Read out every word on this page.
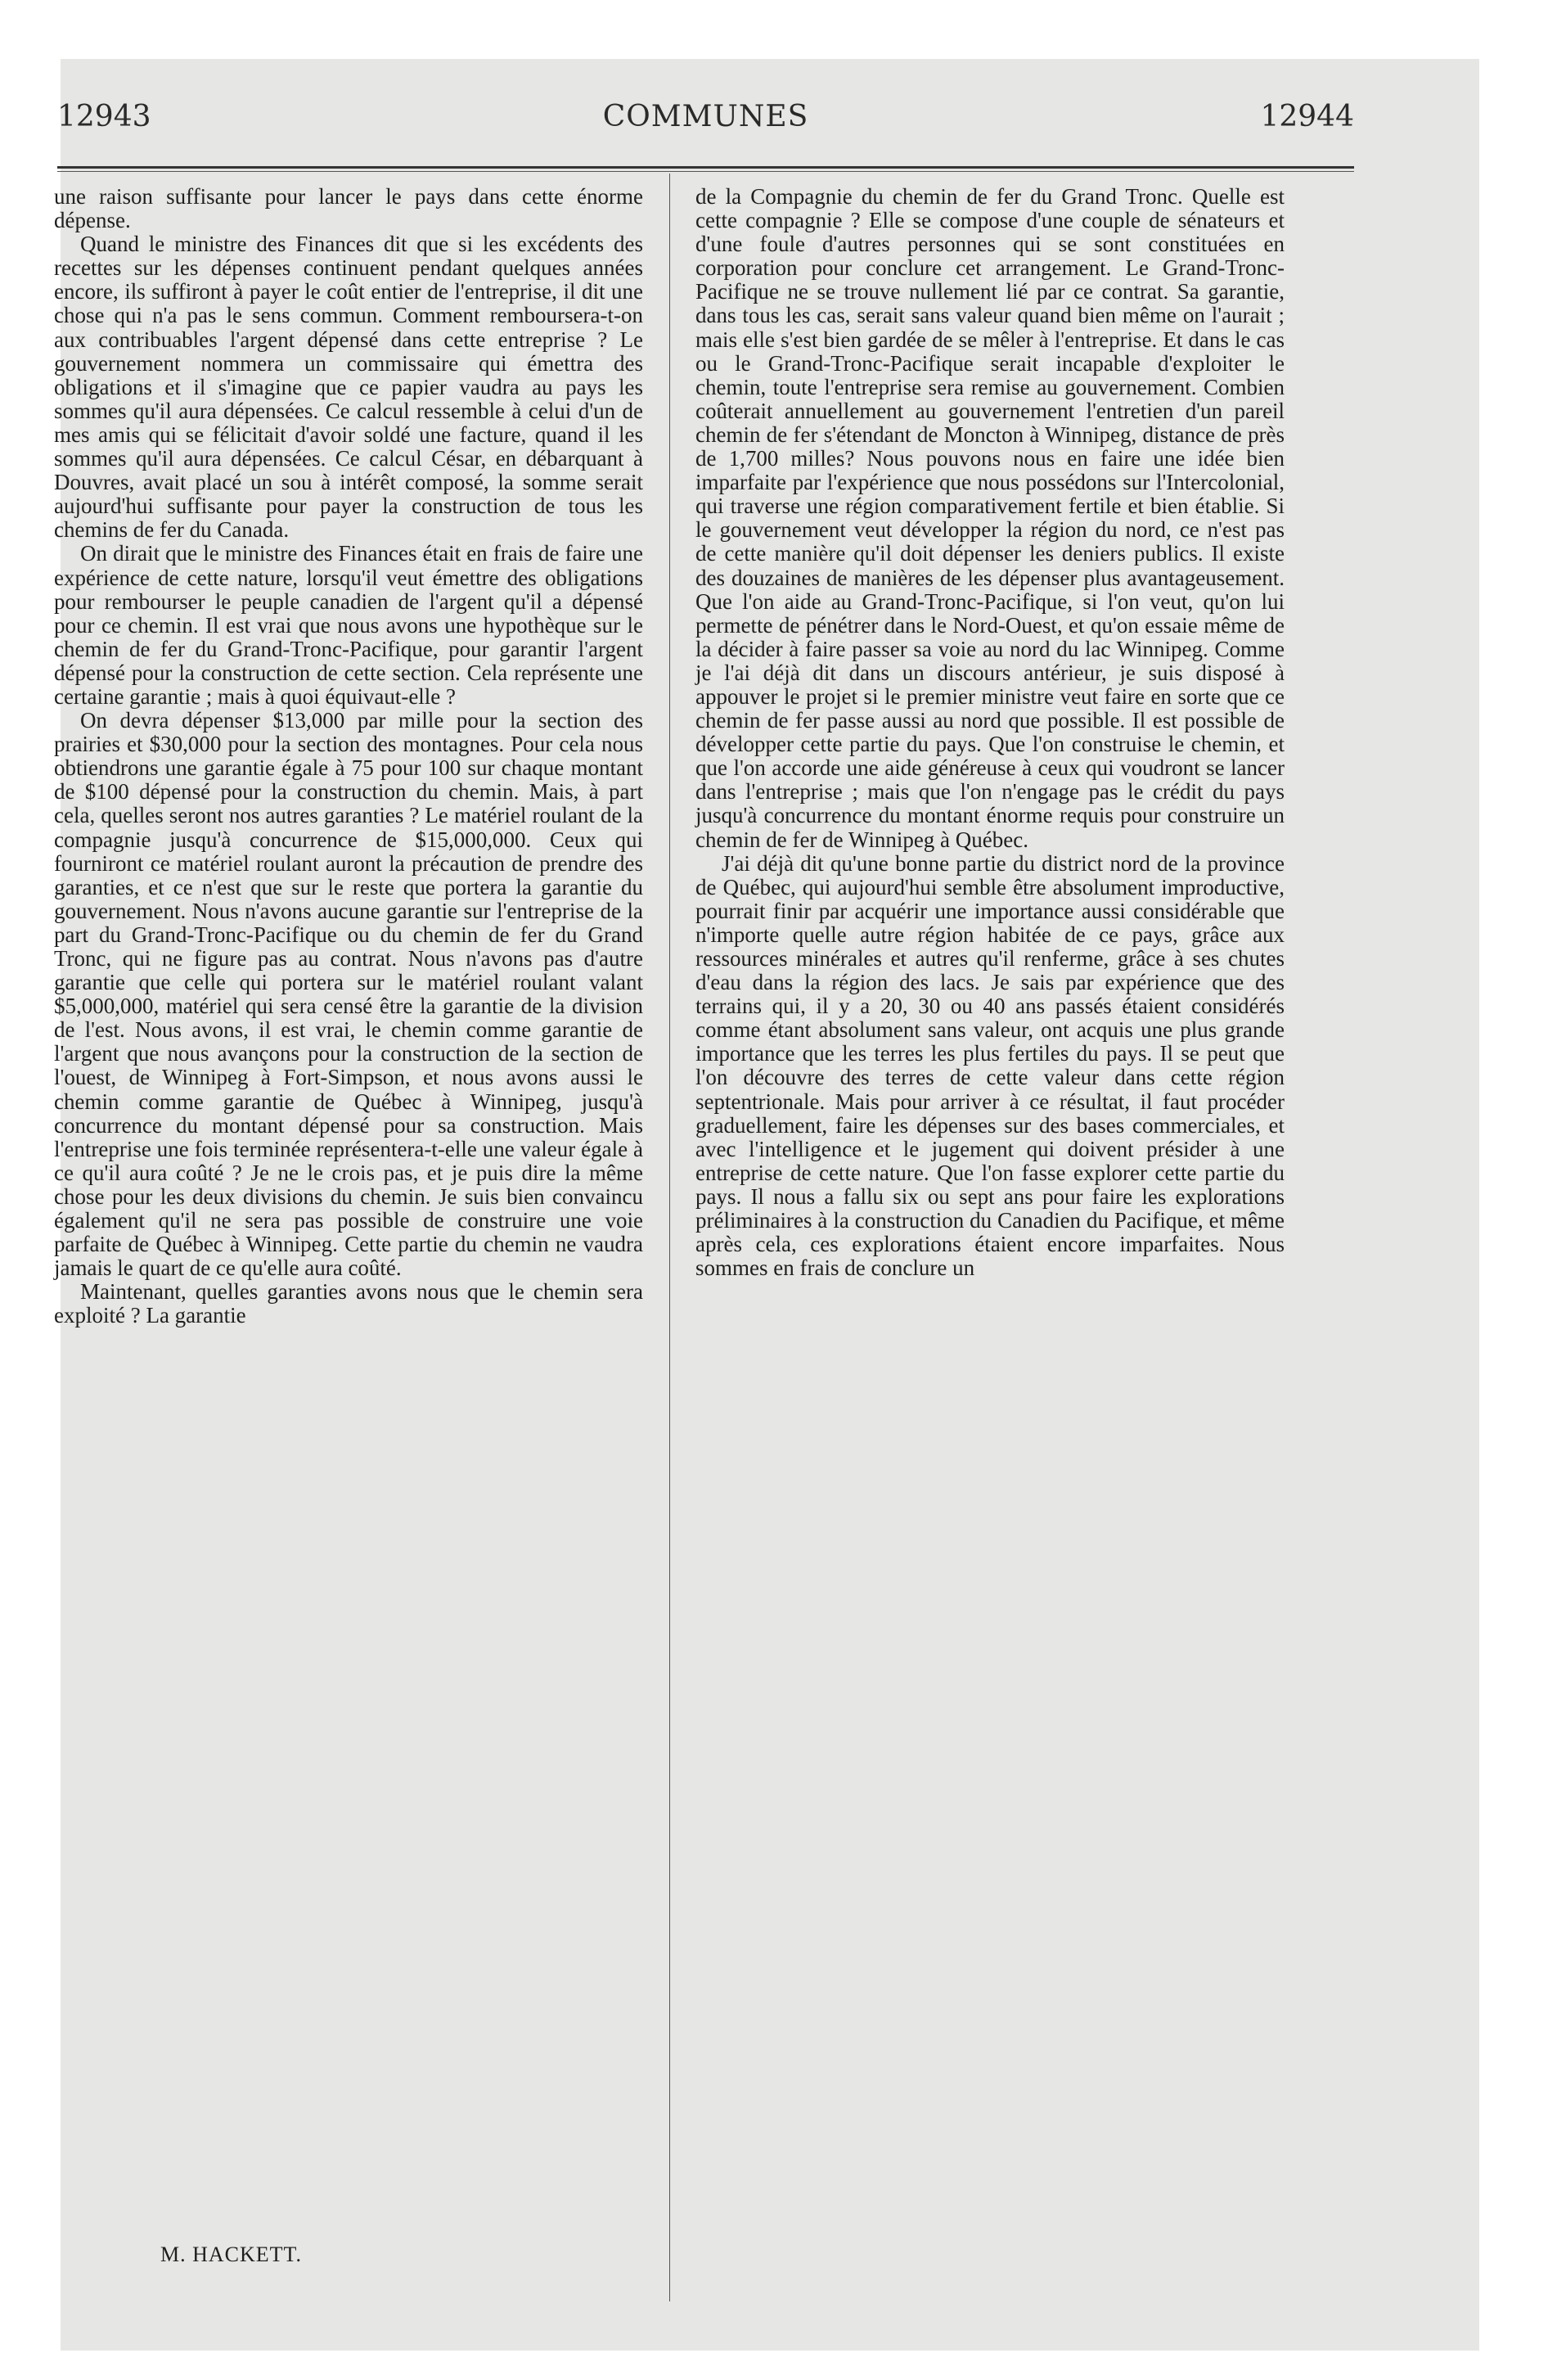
12943	COMMUNES	12944

une raison suffisante pour lancer le pays dans cette énorme dépense.

Quand le ministre des Finances dit que si les excédents des recettes sur les dépenses continuent pendant quelques années encore, ils suffiront à payer le coût entier de l'entreprise, il dit une chose qui n'a pas le sens commun. Comment remboursera-t-on aux contribuables l'argent dépensé dans cette entreprise ? Le gouvernement nommera un commissaire qui émettra des obligations et il s'imagine que ce papier vaudra au pays les sommes qu'il aura dépensées. Ce calcul ressemble à celui d'un de mes amis qui se félicitait d'avoir soldé une facture, quand il les sommes qu'il aura dépensées. Ce calcul César, en débarquant à Douvres, avait placé un sou à intérêt composé, la somme serait aujourd'hui suffisante pour payer la construction de tous les chemins de fer du Canada.

On dirait que le ministre des Finances était en frais de faire une expérience de cette nature, lorsqu'il veut émettre des obligations pour rembourser le peuple canadien de l'argent qu'il a dépensé pour ce chemin. Il est vrai que nous avons une hypothèque sur le chemin de fer du Grand-Tronc-Pacifique, pour garantir l'argent dépensé pour la construction de cette section. Cela représente une certaine garantie ; mais à quoi équivaut-elle ?

On devra dépenser $13,000 par mille pour la section des prairies et $30,000 pour la section des montagnes. Pour cela nous obtiendrons une garantie égale à 75 pour 100 sur chaque montant de $100 dépensé pour la construction du chemin. Mais, à part cela, quelles seront nos autres garanties ? Le matériel roulant de la compagnie jusqu'à concurrence de $15,000,000. Ceux qui fourniront ce matériel roulant auront la précaution de prendre des garanties, et ce n'est que sur le reste que portera la garantie du gouvernement. Nous n'avons aucune garantie sur l'entreprise de la part du Grand-Tronc-Pacifique ou du chemin de fer du Grand Tronc, qui ne figure pas au contrat. Nous n'avons pas d'autre garantie que celle qui portera sur le matériel roulant valant $5,000,000, matériel qui sera censé être la garantie de la division de l'est. Nous avons, il est vrai, le chemin comme garantie de l'argent que nous avançons pour la construction de la section de l'ouest, de Winnipeg à Fort-Simpson, et nous avons aussi le chemin comme garantie de Québec à Winnipeg, jusqu'à concurrence du montant dépensé pour sa construction. Mais l'entreprise une fois terminée représentera-t-elle une valeur égale à ce qu'il aura coûté ? Je ne le crois pas, et je puis dire la même chose pour les deux divisions du chemin. Je suis bien convaincu également qu'il ne sera pas possible de construire une voie parfaite de Québec à Winnipeg. Cette partie du chemin ne vaudra jamais le quart de ce qu'elle aura coûté.

Maintenant, quelles garanties avons nous que le chemin sera exploité ? La garantie

M. HACKETT.

de la Compagnie du chemin de fer du Grand Tronc. Quelle est cette compagnie ? Elle se compose d'une couple de sénateurs et d'une foule d'autres personnes qui se sont constituées en corporation pour conclure cet arrangement. Le Grand-Tronc-Pacifique ne se trouve nullement lié par ce contrat. Sa garantie, dans tous les cas, serait sans valeur quand bien même on l'aurait ; mais elle s'est bien gardée de se mêler à l'entreprise. Et dans le cas ou le Grand-Tronc-Pacifique serait incapable d'exploiter le chemin, toute l'entreprise sera remise au gouvernement. Combien coûterait annuellement au gouvernement l'entretien d'un pareil chemin de fer s'étendant de Moncton à Winnipeg, distance de près de 1,700 milles? Nous pouvons nous en faire une idée bien imparfaite par l'expérience que nous possédons sur l'Intercolonial, qui traverse une région comparativement fertile et bien établie. Si le gouvernement veut développer la région du nord, ce n'est pas de cette manière qu'il doit dépenser les deniers publics. Il existe des douzaines de manières de les dépenser plus avantageusement. Que l'on aide au Grand-Tronc-Pacifique, si l'on veut, qu'on lui permette de pénétrer dans le Nord-Ouest, et qu'on essaie même de la décider à faire passer sa voie au nord du lac Winnipeg. Comme je l'ai déjà dit dans un discours antérieur, je suis disposé à appouver le projet si le premier ministre veut faire en sorte que ce chemin de fer passe aussi au nord que possible. Il est possible de développer cette partie du pays. Que l'on construise le chemin, et que l'on accorde une aide généreuse à ceux qui voudront se lancer dans l'entreprise ; mais que l'on n'engage pas le crédit du pays jusqu'à concurrence du montant énorme requis pour construire un chemin de fer de Winnipeg à Québec.

J'ai déjà dit qu'une bonne partie du district nord de la province de Québec, qui aujourd'hui semble être absolument improductive, pourrait finir par acquérir une importance aussi considérable que n'importe quelle autre région habitée de ce pays, grâce aux ressources minérales et autres qu'il renferme, grâce à ses chutes d'eau dans la région des lacs. Je sais par expérience que des terrains qui, il y a 20, 30 ou 40 ans passés étaient considérés comme étant absolument sans valeur, ont acquis une plus grande importance que les terres les plus fertiles du pays. Il se peut que l'on découvre des terres de cette valeur dans cette région septentrionale. Mais pour arriver à ce résultat, il faut procéder graduellement, faire les dépenses sur des bases commerciales, et avec l'intelligence et le jugement qui doivent présider à une entreprise de cette nature. Que l'on fasse explorer cette partie du pays. Il nous a fallu six ou sept ans pour faire les explorations préliminaires à la construction du Canadien du Pacifique, et même après cela, ces explorations étaient encore imparfaites. Nous sommes en frais de conclure un
